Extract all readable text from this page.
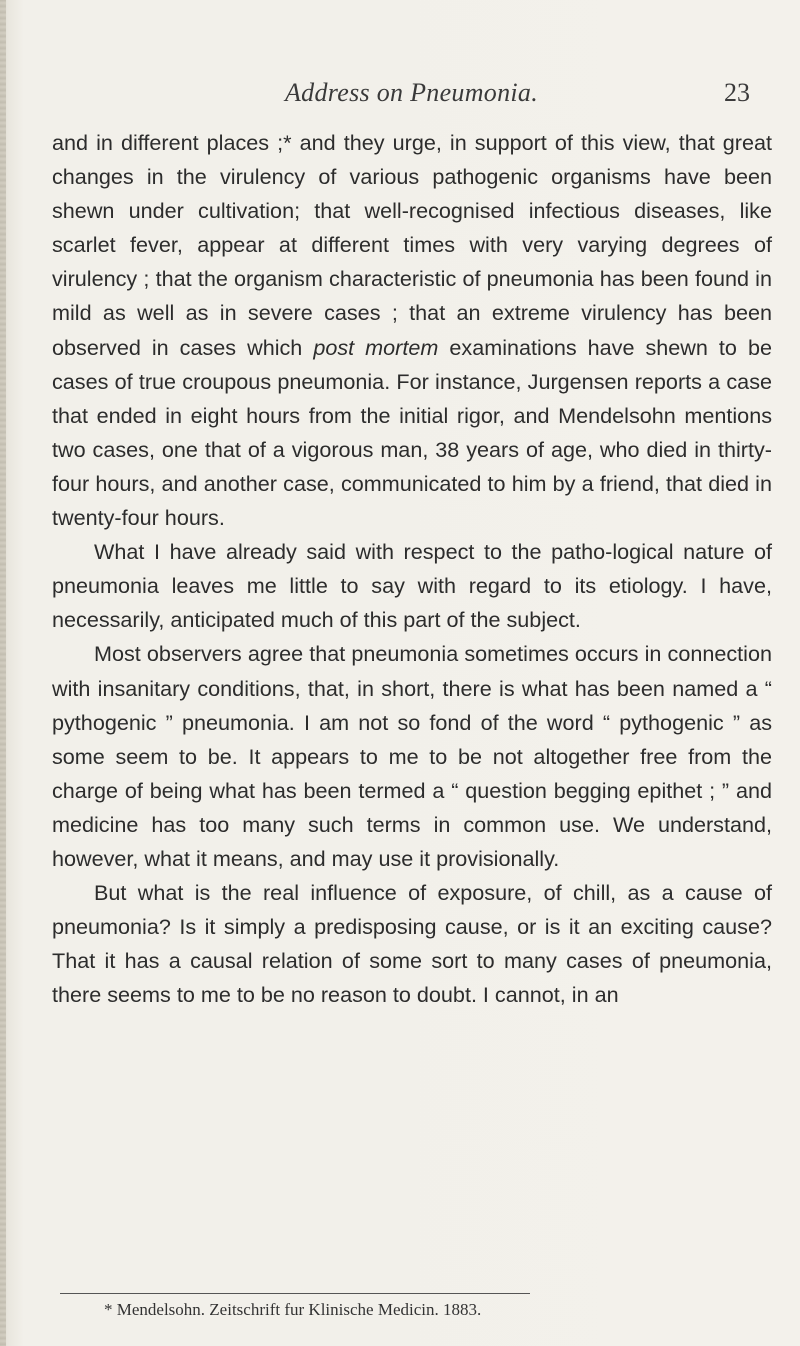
Address on Pneumonia.	23

and in different places ;* and they urge, in support of this view, that great changes in the virulency of various pathogenic organisms have been shewn under cultivation; that well-recognised infectious diseases, like scarlet fever, appear at different times with very varying degrees of virulency ; that the organism characteristic of pneumonia has been found in mild as well as in severe cases ; that an extreme virulency has been observed in cases which post mortem examinations have shewn to be cases of true croupous pneumonia. For instance, Jurgensen reports a case that ended in eight hours from the initial rigor, and Mendelsohn mentions two cases, one that of a vigorous man, 38 years of age, who died in thirty-four hours, and another case, communicated to him by a friend, that died in twenty-four hours.

What I have already said with respect to the patho-logical nature of pneumonia leaves me little to say with regard to its etiology. I have, necessarily, anticipated much of this part of the subject.

Most observers agree that pneumonia sometimes occurs in connection with insanitary conditions, that, in short, there is what has been named a “ pythogenic ” pneumonia. I am not so fond of the word “ pythogenic ” as some seem to be. It appears to me to be not altogether free from the charge of being what has been termed a “ question begging epithet ; ” and medicine has too many such terms in common use. We understand, however, what it means, and may use it provisionally.

But what is the real influence of exposure, of chill, as a cause of pneumonia? Is it simply a predisposing cause, or is it an exciting cause? That it has a causal relation of some sort to many cases of pneumonia, there seems to me to be no reason to doubt. I cannot, in an

* Mendelsohn. Zeitschrift fur Klinische Medicin. 1883.
